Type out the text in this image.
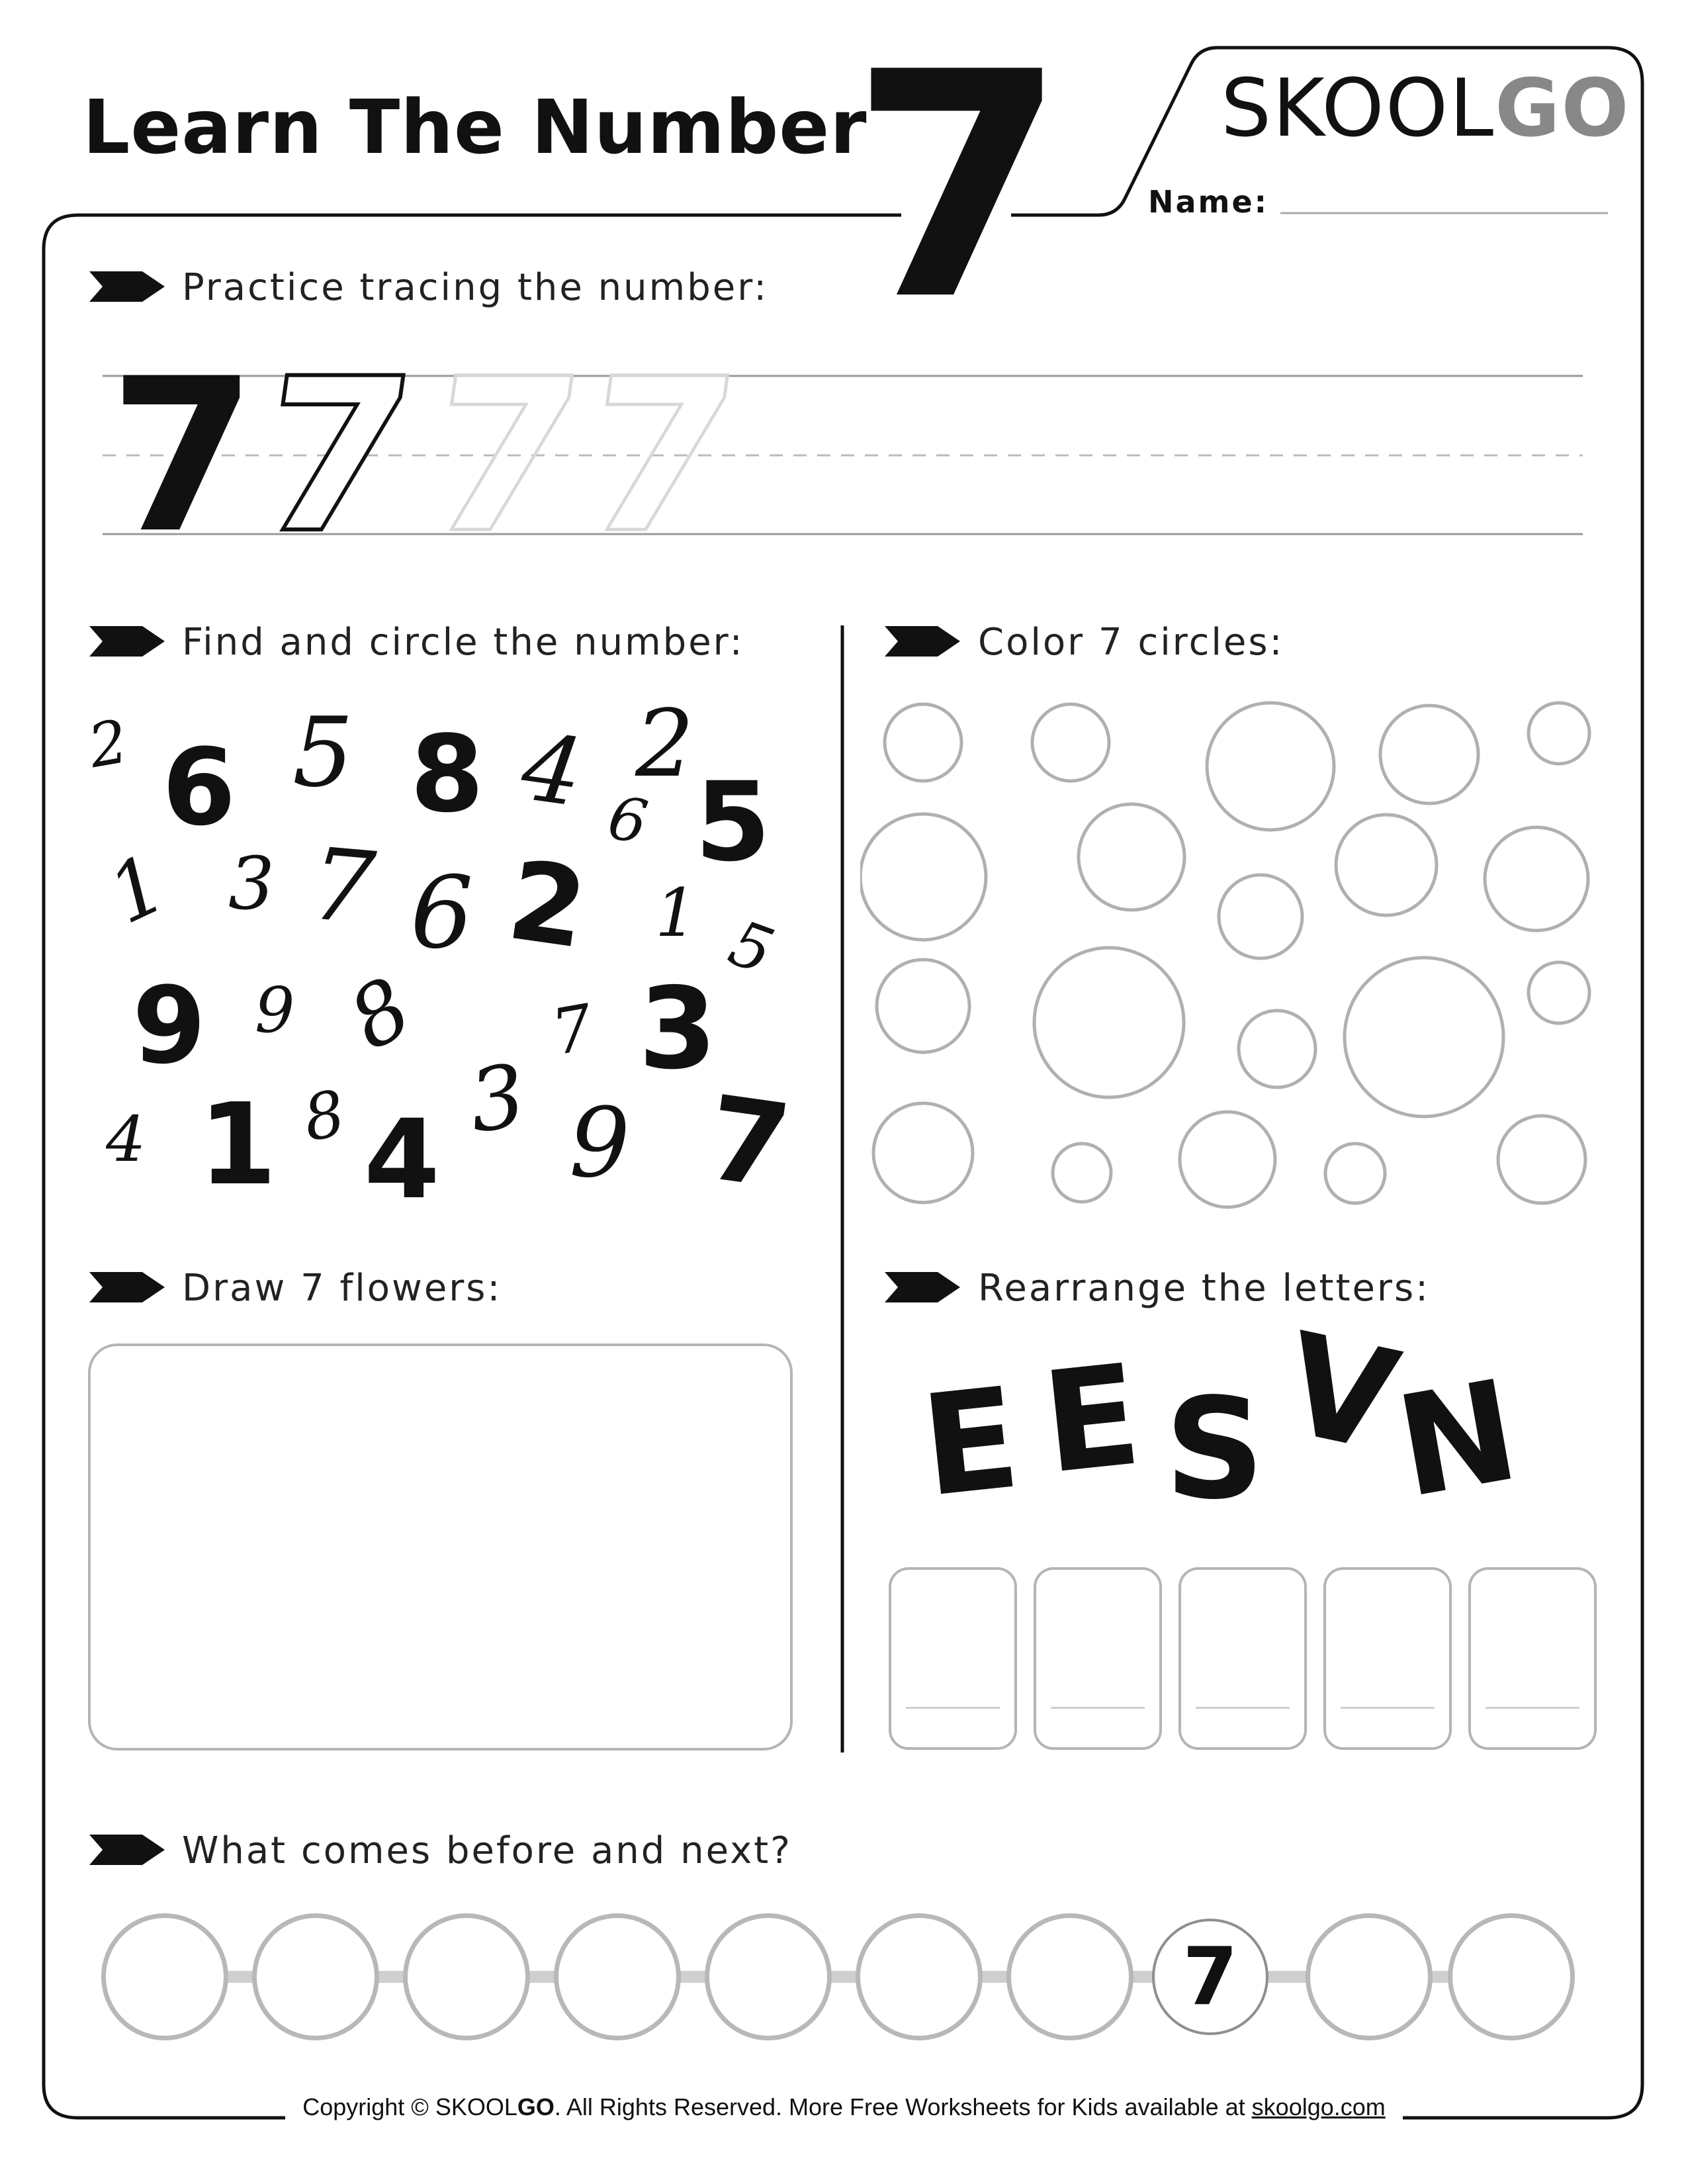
Learn The Number
7 SKOOLGO
Name:
Practice tracing the number:
Find and circle the number:	Color 7 circles:
Draw 7 flowers:	Rearrange the letters:
What comes before and next?
7
7
7
7
2 6 5 8 4 2
6 5
1 3 7 6 2 1 5
9 9 8 7 3
4 1 8 4 3 9 7
E E S V
N
7
Copyright © SKOOLGO. All Rights Reserved. More Free Worksheets for Kids available at skoolgo.com
